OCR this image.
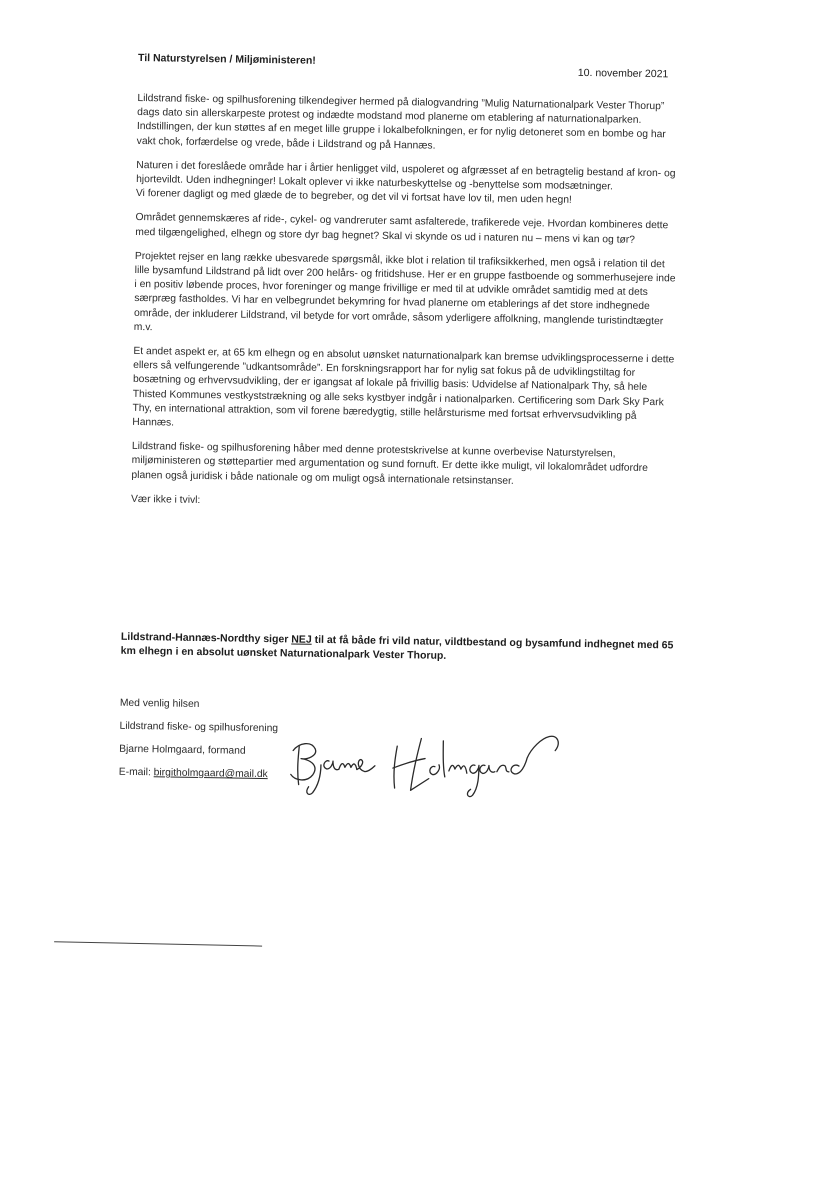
Til Naturstyrelsen / Miljøministeren!
10. november 2021

Lildstrand fiske- og spilhusforening tilkendegiver hermed på dialogvandring ”Mulig Naturnationalpark Vester Thorup” dags dato sin allerskarpeste protest og indædte modstand mod planerne om etablering af naturnationalparken.

Indstillingen, der kun støttes af en meget lille gruppe i lokalbefolkningen, er for nylig detoneret som en bombe og har vakt chok, forfærdelse og vrede, både i Lildstrand og på Hannæs.

Naturen i det foreslåede område har i årtier henligget vild, uspoleret og afgræsset af en betragtelig bestand af kron- og hjortevildt. Uden indhegninger! Lokalt oplever vi ikke naturbeskyttelse og -benyttelse som modsætninger.

Vi forener dagligt og med glæde de to begreber, og det vil vi fortsat have lov til, men uden hegn!

Området gennemskæres af ride-, cykel- og vandreruter samt asfalterede, trafikerede veje. Hvordan kombineres dette med tilgængelighed, elhegn og store dyr bag hegnet? Skal vi skynde os ud i naturen nu – mens vi kan og tør?

Projektet rejser en lang række ubesvarede spørgsmål, ikke blot i relation til trafiksikkerhed, men også i relation til det lille bysamfund Lildstrand på lidt over 200 helårs- og fritidshuse. Her er en gruppe fastboende og sommerhusejere inde i en positiv løbende proces, hvor foreninger og mange frivillige er med til at udvikle området samtidig med at dets særpræg fastholdes. Vi har en velbegrundet bekymring for hvad planerne om etablerings af det store indhegnede område, der inkluderer Lildstrand, vil betyde for vort område, såsom yderligere affolkning, manglende turistindtægter m.v.

Et andet aspekt er, at 65 km elhegn og en absolut uønsket naturnationalpark kan bremse udviklingsprocesserne i dette ellers så velfungerende ”udkantsområde”. En forskningsrapport har for nylig sat fokus på de udviklingstiltag for bosætning og erhvervsudvikling, der er igangsat af lokale på frivillig basis: Udvidelse af Nationalpark Thy, så hele Thisted Kommunes vestkyststrækning og alle seks kystbyer indgår i nationalparken. Certificering som Dark Sky Park Thy, en international attraktion, som vil forene bæredygtig, stille helårsturisme med fortsat erhvervsudvikling på Hannæs.

Lildstrand fiske- og spilhusforening håber med denne protestskrivelse at kunne overbevise Naturstyrelsen, miljøministeren og støttepartier med argumentation og sund fornuft. Er dette ikke muligt, vil lokalområdet udfordre planen også juridisk i både nationale og om muligt også internationale retsinstanser.

Vær ikke i tvivl:

Lildstrand-Hannæs-Nordthy siger NEJ til at få både fri vild natur, vildtbestand og bysamfund indhegnet med 65 km elhegn i en absolut uønsket Naturnationalpark Vester Thorup.
Med venlig hilsen
Lildstrand fiske- og spilhusforening
Bjarne Holmgaard, formand
E-mail: birgitholmgaard@mail.dk
